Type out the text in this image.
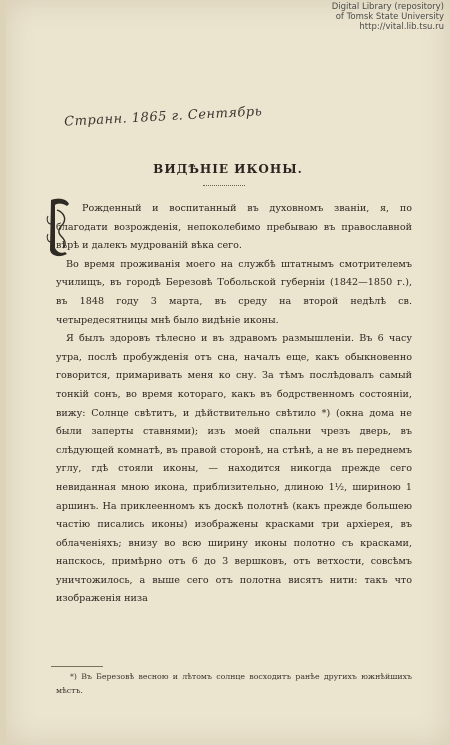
Digital Library (repository)
of Tomsk State University
http://vital.lib.tsu.ru
Странн. 1865 г. Сентябрь
ВИДѢНІЕ ИКОНЫ.

Рожденный и воспитанный въ духовномъ званіи, я, по благодати возрожденія, непоколебимо пребываю въ православной вѣрѣ и далекъ мудрованій вѣка сего.

Во время проживанія моего на службѣ штатнымъ смотрителемъ училищъ, въ городѣ Березовѣ Тобольской губерніи (1842—1850 г.), въ 1848 году 3 марта, въ среду на второй недѣлѣ св. четыредесятницы мнѣ было видѣніе иконы.

Я былъ здоровъ тѣлесно и въ здравомъ размышленіи. Въ 6 часу утра, послѣ пробужденія отъ сна, началъ еще, какъ обыкновенно говорится, примаривать меня ко сну. За тѣмъ послѣдовалъ самый тонкій сонъ, во время котораго, какъ въ бодрственномъ состояніи, вижу: Солнце свѣтитъ, и дѣйствительно свѣтило *) (окна дома не были заперты ставнями); изъ моей спальни чрезъ дверь, въ слѣдующей комнатѣ, въ правой сторонѣ, на стѣнѣ, а не въ переднемъ углу, гдѣ стояли иконы, — находится никогда прежде сего невиданная мною икона, приблизительно, длиною 1½, шириною 1 аршинъ. На приклеенномъ къ доскѣ полотнѣ (какъ прежде большею частію писались иконы) изображены красками три архіерея, въ облаченіяхъ; внизу во всю ширину иконы полотно съ красками, напскось, примѣрно отъ 6 до 3 вершковъ, отъ ветхости, совсѣмъ уничтожилось, а выше сего отъ полотна висятъ нити: такъ что изображенія низа

*) Въ Березовѣ весною и лѣтомъ солнце восходитъ ранѣе другихъ южнѣйшихъ мѣстъ.
